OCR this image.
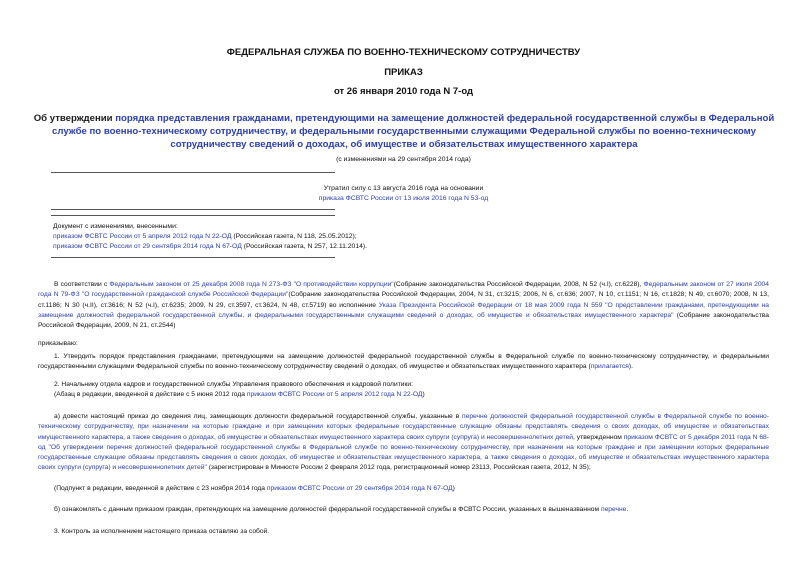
ФЕДЕРАЛЬНАЯ СЛУЖБА ПО ВОЕННО-ТЕХНИЧЕСКОМУ СОТРУДНИЧЕСТВУ
ПРИКАЗ
от 26 января 2010 года N 7-од
Об утверждении порядка представления гражданами, претендующими на замещение должностей федеральной государственной службы в Федеральной службе по военно-техническому сотрудничеству, и федеральными государственными служащими Федеральной службы по военно-техническому сотрудничеству сведений о доходах, об имуществе и обязательствах имущественного характера
(с изменениями на 29 сентября 2014 года)
Утратил силу с 13 августа 2016 года на основании
приказа ФСВТС России от 13 июля 2016 года N 53-од
Документ с изменениями, внесенными:
приказом ФСВТС России от 5 апреля 2012 года N 22-ОД (Российская газета, N 118, 25.05.2012);
приказом ФСВТС России от 29 сентября 2014 года N 67-ОД (Российская газета, N 257, 12.11.2014).
В соответствии с Федеральным законом от 25 декабря 2008 года N 273-ФЗ "О противодействии коррупции"(Собрание законодательства Российской Федерации, 2008, N 52 (ч.I), ст.6228), Федеральным законом от 27 июля 2004 года N 79-ФЗ "О государственной гражданской службе Российской Федерации"(Собрание законодательства Российской Федерации, 2004, N 31, ст.3215; 2006, N 6, ст.636; 2007, N 10, ст.1151; N 16, ст.1828; N 49, ст.6070; 2008, N 13, ст.1186; N 30 (ч.II), ст.3616; N 52 (ч.I), ст.6235; 2009, N 29, ст.3597, ст.3624, N 48, ст.5719) во исполнение Указа Президента Российской Федерации от 18 мая 2009 года N 559 "О представлении гражданами, претендующими на замещение должностей федеральной государственной службы, и федеральными государственными служащими сведений о доходах, об имуществе и обязательствах имущественного характера" (Собрание законодательства Российской Федерации, 2009, N 21, ст.2544)
приказываю:
1. Утвердить порядок представления гражданами, претендующими на замещение должностей федеральной государственной службы в Федеральной службе по военно-техническому сотрудничеству, и федеральными государственными служащими Федеральной службы по военно-техническому сотрудничеству сведений о доходах, об имуществе и обязательствах имущественного характера (прилагается).
2. Начальнику отдела кадров и государственной службы Управления правового обеспечения и кадровой политики:
(Абзац в редакции, введенной в действие с 5 июня 2012 года приказом ФСВТС России от 5 апреля 2012 года N 22-ОД)
а) довести настоящий приказ до сведения лиц, замещающих должности федеральной государственной службы, указанные в перечне должностей федеральной государственной службы в Федеральной службе по военно-техническому сотрудничеству, при назначении на которые граждане и при замещении которых федеральные государственные служащие обязаны представлять сведения о своих доходах, об имуществе и обязательствах имущественного характера, а также сведения о доходах, об имуществе и обязательствах имущественного характера своих супруги (супруга) и несовершеннолетних детей, утвержденном приказом ФСВТС от 5 декабря 2011 года N 68-од "Об утверждении перечня должностей федеральной государственной службы в Федеральной службе по военно-техническому сотрудничеству, при назначении на которые граждане и при замещении которых федеральные государственные служащие обязаны представлять сведения о своих доходах, об имуществе и обязательствах имущественного характера, а также сведения о доходах, об имуществе и обязательствах имущественного характера своих супруги (супруга) и несовершеннолетних детей" (зарегистрирован в Минюсте России 2 февраля 2012 года, регистрационный номер 23113, Российская газета, 2012, N 35);
(Подпункт в редакции, введенной в действие с 23 ноября 2014 года приказом ФСВТС России от 29 сентября 2014 года N 67-ОД)
б) ознакомлять с данным приказом граждан, претендующих на замещение должностей федеральной государственной службы в ФСВТС России, указанных в вышеназванном перечне.
3. Контроль за исполнением настоящего приказа оставляю за собой.
